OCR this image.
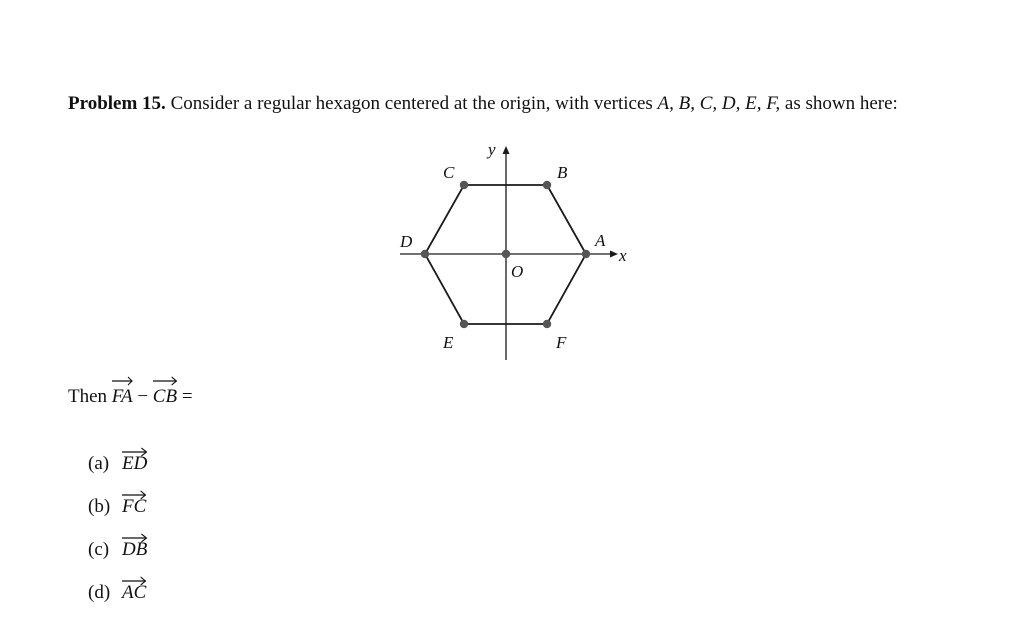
Problem 15. Consider a regular hexagon centered at the origin, with vertices A, B, C, D, E, F, as shown here:
y
x
B
C
A
D
O
E	F
Then FA − CB =
(a) ED
(b) FC
(c) DB
(d) AC
